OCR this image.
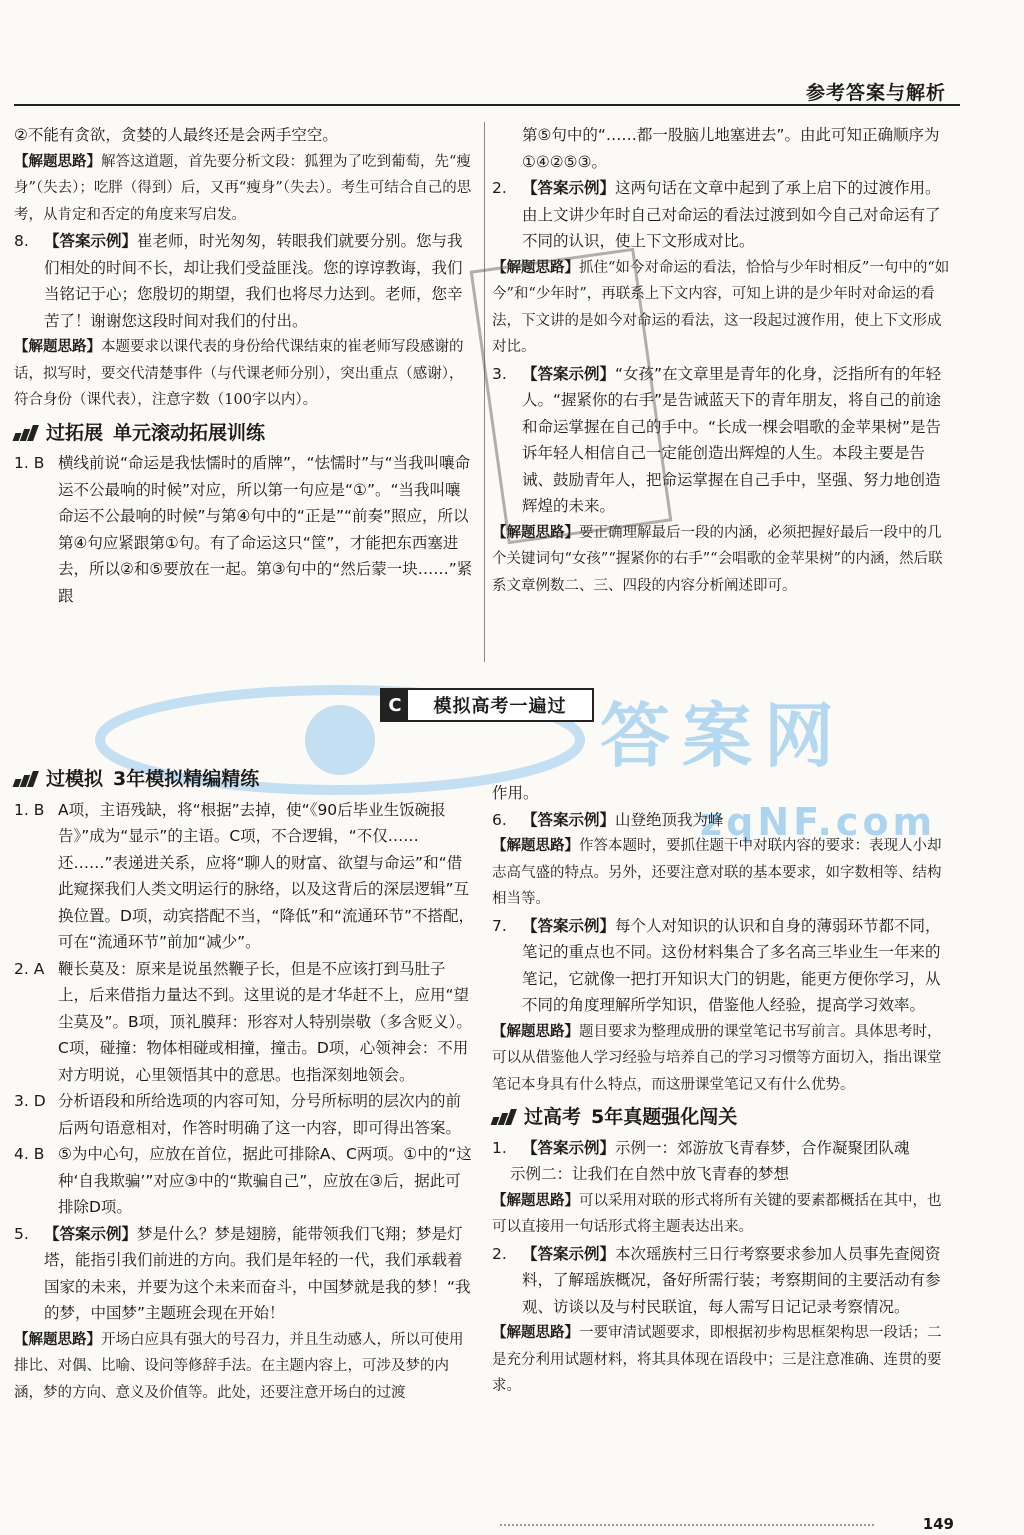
参考答案与解析

②不能有贪欲，贪婪的人最终还是会两手空空。

【解题思路】解答这道题，首先要分析文段：狐狸为了吃到葡萄，先“瘦身”（失去）；吃胖（得到）后，又再“瘦身”（失去）。考生可结合自己的思考，从肯定和否定的角度来写启发。

8. 【答案示例】崔老师，时光匆匆，转眼我们就要分别。您与我们相处的时间不长，却让我们受益匪浅。您的谆谆教诲，我们当铭记于心；您殷切的期望，我们也将尽力达到。老师，您辛苦了！谢谢您这段时间对我们的付出。

【解题思路】本题要求以课代表的身份给代课结束的崔老师写段感谢的话，拟写时，要交代清楚事件（与代课老师分别），突出重点（感谢），符合身份（课代表），注意字数（100字以内）。

过拓展 单元滚动拓展训练
1. B 横线前说“命运是我怯懦时的盾牌”，“怯懦时”与“当我叫嚷命运不公最响的时候”对应，所以第一句应是“①”。“当我叫嚷命运不公最响的时候”与第④句中的“正是”“前奏”照应，所以第④句应紧跟第①句。有了命运这只“筐”，才能把东西塞进去，所以②和⑤要放在一起。第③句中的“然后蒙一块……”紧跟

第⑤句中的“……都一股脑儿地塞进去”。由此可知正确顺序为①④②⑤③。

2. 【答案示例】这两句话在文章中起到了承上启下的过渡作用。由上文讲少年时自己对命运的看法过渡到如今自己对命运有了不同的认识，使上下文形成对比。

【解题思路】抓住“如今对命运的看法，恰恰与少年时相反”一句中的“如今”和“少年时”，再联系上下文内容，可知上讲的是少年时对命运的看法，下文讲的是如今对命运的看法，这一段起过渡作用，使上下文形成对比。

3. 【答案示例】“女孩”在文章里是青年的化身，泛指所有的年轻人。“握紧你的右手”是告诫蓝天下的青年朋友，将自己的前途和命运掌握在自己的手中。“长成一棵会唱歌的金苹果树”是告诉年轻人相信自己一定能创造出辉煌的人生。本段主要是告诫、鼓励青年人，把命运掌握在自己手中，坚强、努力地创造辉煌的未来。

【解题思路】要正确理解最后一段的内涵，必须把握好最后一段中的几个关键词句“女孩”“握紧你的右手”“会唱歌的金苹果树”的内涵，然后联系文章例数二、三、四段的内容分析阐述即可。

C	模拟高考一遍过 答案网
zqNF.com
过模拟 3年模拟精编精练
1. B A项，主语残缺，将“根据”去掉，使“《90后毕业生饭碗报告》”成为“显示”的主语。C项，不合逻辑，“不仅……还……”表递进关系，应将“聊人的财富、欲望与命运”和“借此窥探我们人类文明运行的脉络，以及这背后的深层逻辑”互换位置。D项，动宾搭配不当，“降低”和“流通环节”不搭配，可在“流通环节”前加“减少”。
2. A 鞭长莫及：原来是说虽然鞭子长，但是不应该打到马肚子上，后来借指力量达不到。这里说的是才华赶不上，应用“望尘莫及”。B项，顶礼膜拜：形容对人特别崇敬（多含贬义）。C项，碰撞：物体相碰或相撞，撞击。D项，心领神会：不用对方明说，心里领悟其中的意思。也指深刻地领会。
3. D 分析语段和所给选项的内容可知，分号所标明的层次内的前后两句语意相对，作答时明确了这一内容，即可得出答案。
4. B ⑤为中心句，应放在首位，据此可排除A、C两项。①中的“这种‘自我欺骗’”对应③中的“欺骗自己”，应放在③后，据此可排除D项。
5. 【答案示例】梦是什么？梦是翅膀，能带领我们飞翔；梦是灯塔，能指引我们前进的方向。我们是年轻的一代，我们承载着国家的未来，并要为这个未来而奋斗，中国梦就是我的梦！“我的梦，中国梦”主题班会现在开始！

【解题思路】开场白应具有强大的号召力，并且生动感人，所以可使用排比、对偶、比喻、设问等修辞手法。在主题内容上，可涉及梦的内涵，梦的方向、意义及价值等。此处，还要注意开场白的过渡

作用。

6. 【答案示例】山登绝顶我为峰

【解题思路】作答本题时，要抓住题干中对联内容的要求：表现人小却志高气盛的特点。另外，还要注意对联的基本要求，如字数相等、结构相当等。

7. 【答案示例】每个人对知识的认识和自身的薄弱环节都不同，笔记的重点也不同。这份材料集合了多名高三毕业生一年来的笔记，它就像一把打开知识大门的钥匙，能更方便你学习，从不同的角度理解所学知识，借鉴他人经验，提高学习效率。

【解题思路】题目要求为整理成册的课堂笔记书写前言。具体思考时，可以从借鉴他人学习经验与培养自己的学习习惯等方面切入，指出课堂笔记本身具有什么特点，而这册课堂笔记又有什么优势。

过高考 5年真题强化闯关
1. 【答案示例】示例一：郊游放飞青春梦，合作凝聚团队魂

示例二：让我们在自然中放飞青春的梦想

【解题思路】可以采用对联的形式将所有关键的要素都概括在其中，也可以直接用一句话形式将主题表达出来。

2. 【答案示例】本次瑶族村三日行考察要求参加人员事先查阅资料，了解瑶族概况，备好所需行装；考察期间的主要活动有参观、访谈以及与村民联谊，每人需写日记记录考察情况。

【解题思路】一要审清试题要求，即根据初步构思框架构思一段话；二是充分利用试题材料，将其具体现在语段中；三是注意准确、连贯的要求。

149
